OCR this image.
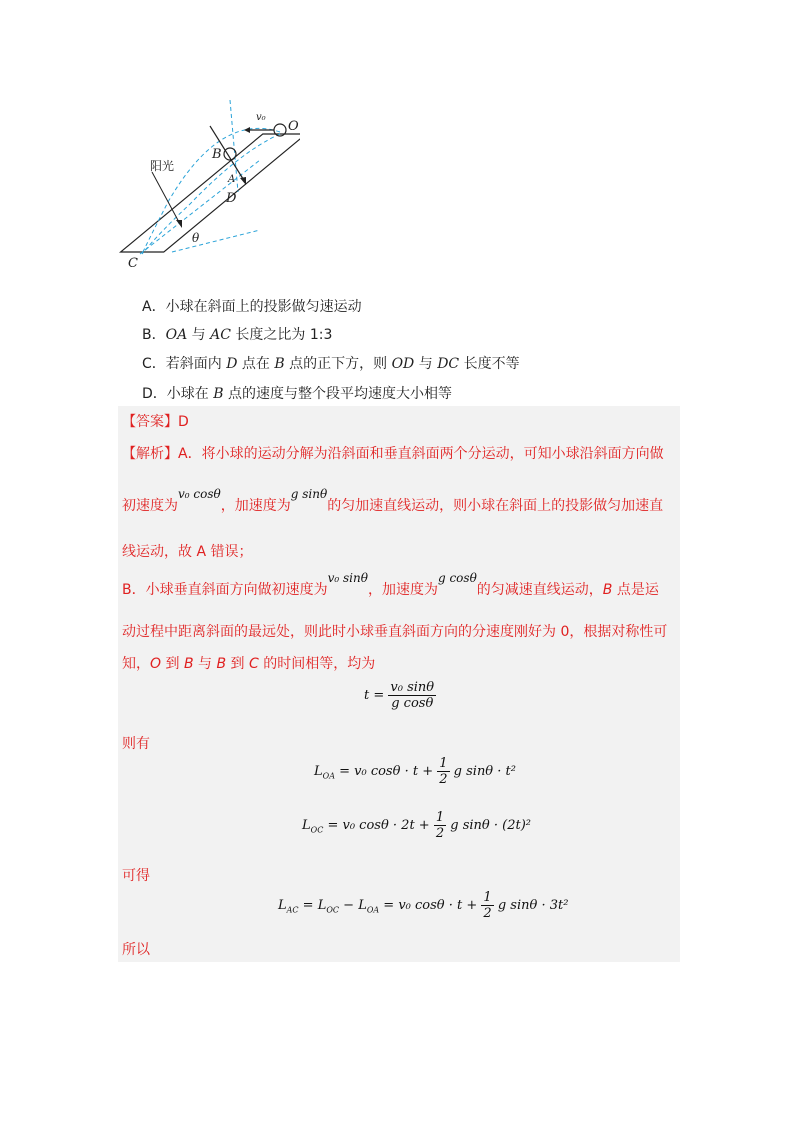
v₀
O
B
A
D
C
θ
阳光
A．小球在斜面上的投影做匀速运动
B．OA 与 AC 长度之比为 1:3
C．若斜面内 D 点在 B 点的正下方，则 OD 与 DC 长度不等
D．小球在 B 点的速度与整个段平均速度大小相等
【答案】D
【解析】A．将小球的运动分解为沿斜面和垂直斜面两个分运动，可知小球沿斜面方向做
初速度为v₀ cosθ，加速度为g sinθ的匀加速直线运动，则小球在斜面上的投影做匀加速直
线运动，故 A 错误；
B．小球垂直斜面方向做初速度为v₀ sinθ，加速度为g cosθ的匀减速直线运动，B 点是运
动过程中距离斜面的最远处，则此时小球垂直斜面方向的分速度刚好为 0，根据对称性可
知，O 到 B 与 B 到 C 的时间相等，均为
$t = \frac{\text{v₀ sinθ}}{\text{g cosθ}}$
则有
$L_{OA} = v_0$ $\cos\theta \cdot t + \frac{1}{2}$ g sinθ · t²
$L_{OC} = v_0$ $\cos\theta \cdot 2t + \frac{1}{2}$ g sinθ · (2t)²
可得
$L_{AC} = L_{OC} - L_{OA} = v_0$ $\cos\theta \cdot t + \frac{1}{2}$ g sinθ · 3t²
所以
